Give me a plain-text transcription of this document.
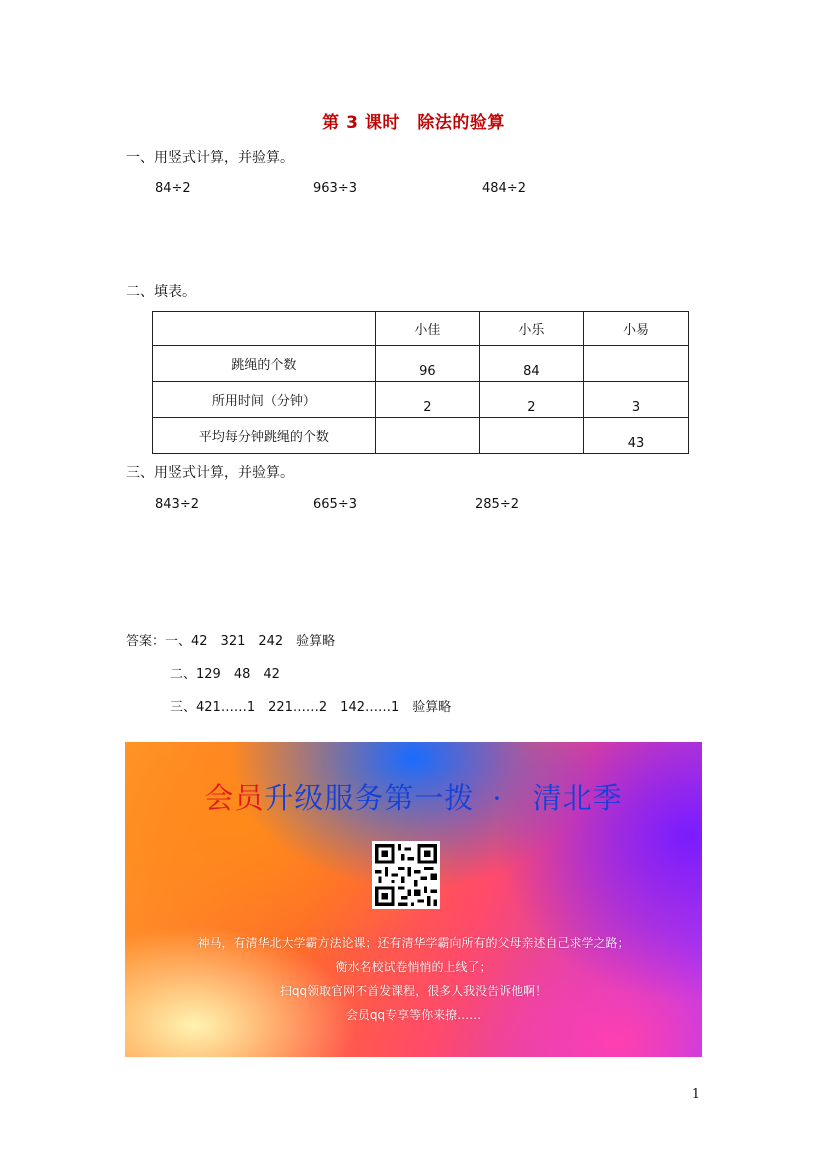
第 3 课时　除法的验算
一、用竖式计算，并验算。
84÷2	963÷3	484÷2
二、填表。
	小佳	小乐	小易
跳绳的个数	96	84	
所用时间（分钟）	2	2	3
平均每分钟跳绳的个数			43
三、用竖式计算，并验算。
843÷2	665÷3	285÷2
答案：一、42　321　242　验算略
二、129　48　42
三、421……1　221……2　142……1　验算略
会员升级服务第一拨 ·　清北季
神马，有清华北大学霸方法论课；还有清华学霸向所有的父母亲述自己求学之路；
衡水名校试卷悄悄的上线了；
扫qq领取官网不首发课程，很多人我没告诉他啊！
会员qq专享等你来撩……
1
